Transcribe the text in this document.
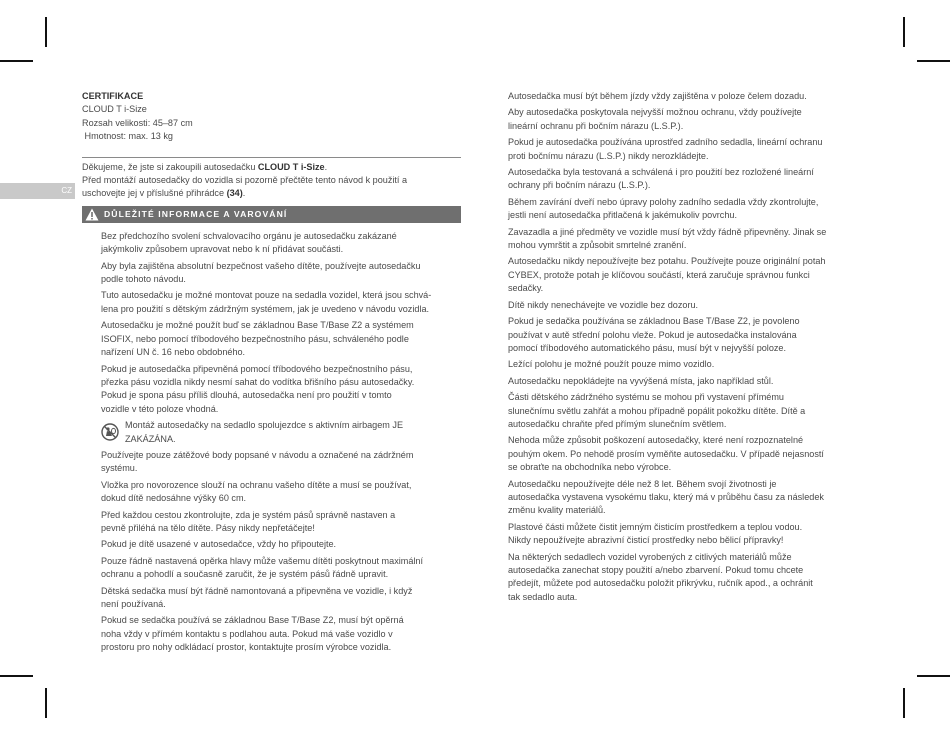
CZ

CERTIFIKACE

CLOUD T i-Size

Rozsah velikosti: 45–87 cm

Hmotnost: max. 13 kg

Děkujeme, že jste si zakoupili autosedačku CLOUD T i-Size.

Před montáží autosedačky do vozidla si pozorně přečtěte tento návod k použití a

uschovejte jej v příslušné přihrádce (34).

DŮLEŽITÉ INFORMACE A VAROVÁNÍ
Bez předchozího svolení schvalovacího orgánu je autosedačku zakázané
jakýmkoliv způsobem upravovat nebo k ní přidávat součásti.
Aby byla zajištěna absolutní bezpečnost vašeho dítěte, používejte autosedačku
podle tohoto návodu.
Tuto autosedačku je možné montovat pouze na sedadla vozidel, která jsou schvá-
lena pro použití s dětským zádržným systémem, jak je uvedeno v návodu vozidla.
Autosedačku je možné použít buď se základnou Base T/Base Z2 a systémem
ISOFIX, nebo pomocí tříbodového bezpečnostního pásu, schváleného podle
nařízení UN č. 16 nebo obdobného.
Pokud je autosedačka připevněná pomocí tříbodového bezpečnostního pásu,
přezka pásu vozidla nikdy nesmí sahat do vodítka břišního pásu autosedačky.
Pokud je spona pásu příliš dlouhá, autosedačka není pro použití v tomto
vozidle v této poloze vhodná.
Montáž autosedačky na sedadlo spolujezdce s aktivním airbagem JE
ZAKÁZÁNA.
Používejte pouze zátěžové body popsané v návodu a označené na zádržném
systému.
Vložka pro novorozence slouží na ochranu vašeho dítěte a musí se používat,
dokud dítě nedosáhne výšky 60 cm.
Před každou cestou zkontrolujte, zda je systém pásů správně nastaven a
pevně přiléhá na tělo dítěte. Pásy nikdy nepřetáčejte!
Pokud je dítě usazené v autosedačce, vždy ho připoutejte.
Pouze řádně nastavená opěrka hlavy může vašemu dítěti poskytnout maximální
ochranu a pohodlí a současně zaručit, že je systém pásů řádně upravit.
Dětská sedačka musí být řádně namontovaná a připevněna ve vozidle, i když
není používaná.
Pokud se sedačka používá se základnou Base T/Base Z2, musí být opěrná
noha vždy v přímém kontaktu s podlahou auta. Pokud má vaše vozidlo v
prostoru pro nohy odkládací prostor, kontaktujte prosím výrobce vozidla.
Autosedačka musí být během jízdy vždy zajištěna v poloze čelem dozadu.
Aby autosedačka poskytovala nejvyšší možnou ochranu, vždy používejte
lineární ochranu při bočním nárazu (L.S.P.).
Pokud je autosedačka používána uprostřed zadního sedadla, lineární ochranu
proti bočnímu nárazu (L.S.P.) nikdy nerozkládejte.
Autosedačka byla testovaná a schválená i pro použití bez rozložené lineární
ochrany při bočním nárazu (L.S.P.).
Během zavírání dveří nebo úpravy polohy zadního sedadla vždy zkontrolujte,
jestli není autosedačka přitlačená k jakémukoliv povrchu.
Zavazadla a jiné předměty ve vozidle musí být vždy řádně připevněny. Jinak se
mohou vymrštit a způsobit smrtelné zranění.
Autosedačku nikdy nepoužívejte bez potahu. Používejte pouze originální potah
CYBEX, protože potah je klíčovou součástí, která zaručuje správnou funkci
sedačky.
Dítě nikdy nenechávejte ve vozidle bez dozoru.
Pokud je sedačka používána se základnou Base T/Base Z2, je povoleno
používat v autě střední polohu vleže. Pokud je autosedačka instalována
pomocí tříbodového automatického pásu, musí být v nejvyšší poloze.
Ležící polohu je možné použít pouze mimo vozidlo.
Autosedačku nepokládejte na vyvýšená místa, jako například stůl.
Části dětského zádržného systému se mohou při vystavení přímému
slunečnímu světlu zahřát a mohou případně popálit pokožku dítěte. Dítě a
autosedačku chraňte před přímým slunečním světlem.
Nehoda může způsobit poškození autosedačky, které není rozpoznatelné
pouhým okem. Po nehodě prosím vyměňte autosedačku. V případě nejasností
se obraťte na obchodníka nebo výrobce.
Autosedačku nepoužívejte déle než 8 let. Během svojí životnosti je
autosedačka vystavena vysokému tlaku, který má v průběhu času za následek
změnu kvality materiálů.
Plastové části můžete čistit jemným čisticím prostředkem a teplou vodou.
Nikdy nepoužívejte abrazivní čisticí prostředky nebo bělicí přípravky!
Na některých sedadlech vozidel vyrobených z citlivých materiálů může
autosedačka zanechat stopy použití a/nebo zbarvení. Pokud tomu chcete
předejít, můžete pod autosedačku položit přikrývku, ručník apod., a ochránit
tak sedadlo auta.
